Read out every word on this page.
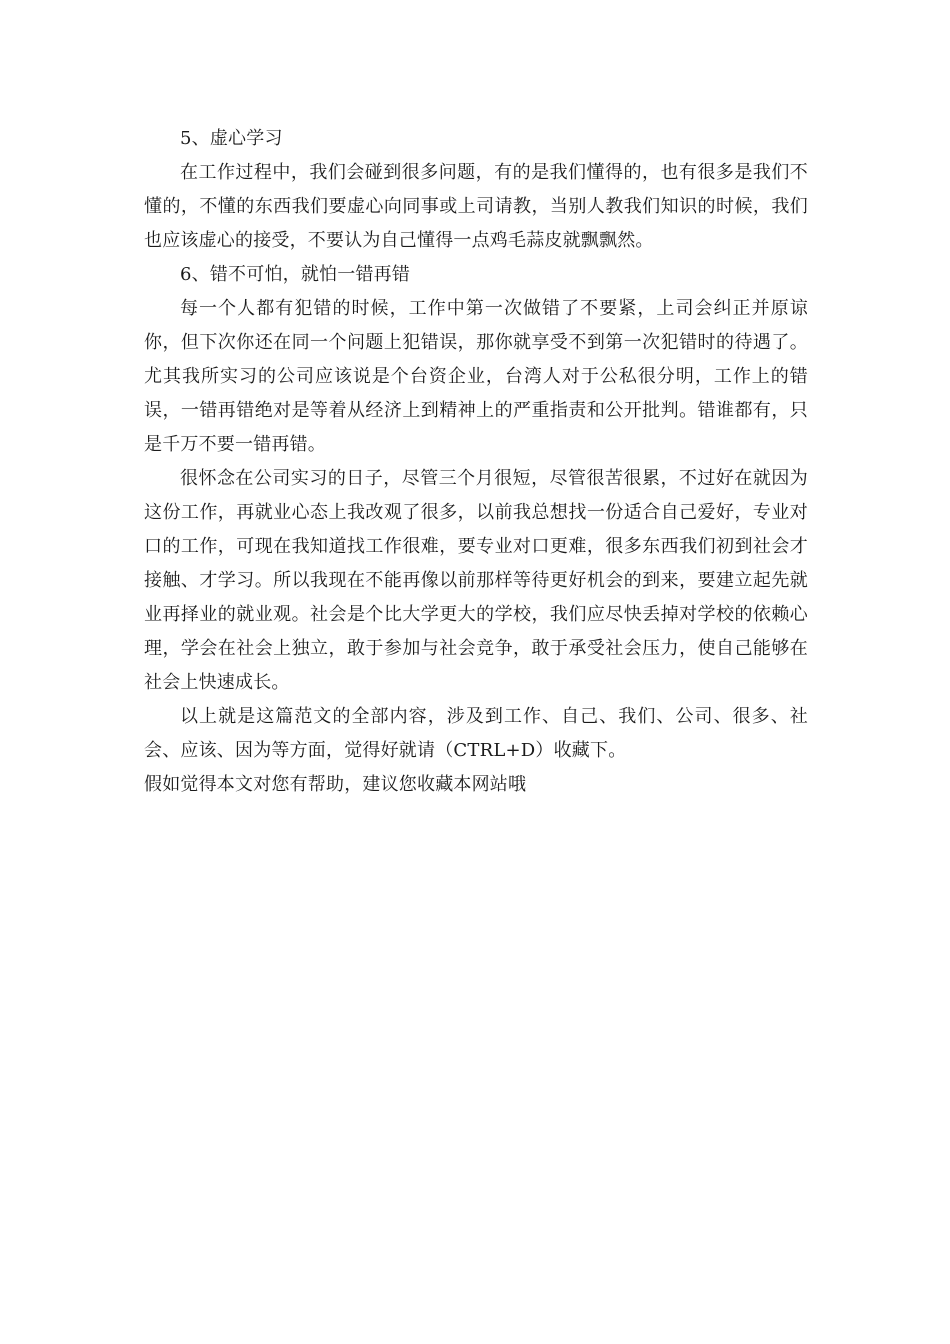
5、虚心学习

在工作过程中，我们会碰到很多问题，有的是我们懂得的，也有很多是我们不懂的，不懂的东西我们要虚心向同事或上司请教，当别人教我们知识的时候，我们也应该虚心的接受，不要认为自己懂得一点鸡毛蒜皮就飘飘然。

6、错不可怕，就怕一错再错

每一个人都有犯错的时候，工作中第一次做错了不要紧，上司会纠正并原谅你，但下次你还在同一个问题上犯错误，那你就享受不到第一次犯错时的待遇了。尤其我所实习的公司应该说是个台资企业，台湾人对于公私很分明，工作上的错误，一错再错绝对是等着从经济上到精神上的严重指责和公开批判。错谁都有，只是千万不要一错再错。

很怀念在公司实习的日子，尽管三个月很短，尽管很苦很累，不过好在就因为这份工作，再就业心态上我改观了很多，以前我总想找一份适合自己爱好，专业对口的工作，可现在我知道找工作很难，要专业对口更难，很多东西我们初到社会才接触、才学习。所以我现在不能再像以前那样等待更好机会的到来，要建立起先就业再择业的就业观。社会是个比大学更大的学校，我们应尽快丢掉对学校的依赖心理，学会在社会上独立，敢于参加与社会竞争，敢于承受社会压力，使自己能够在社会上快速成长。

以上就是这篇范文的全部内容，涉及到工作、自己、我们、公司、很多、社会、应该、因为等方面，觉得好就请（CTRL+D）收藏下。

假如觉得本文对您有帮助，建议您收藏本网站哦
